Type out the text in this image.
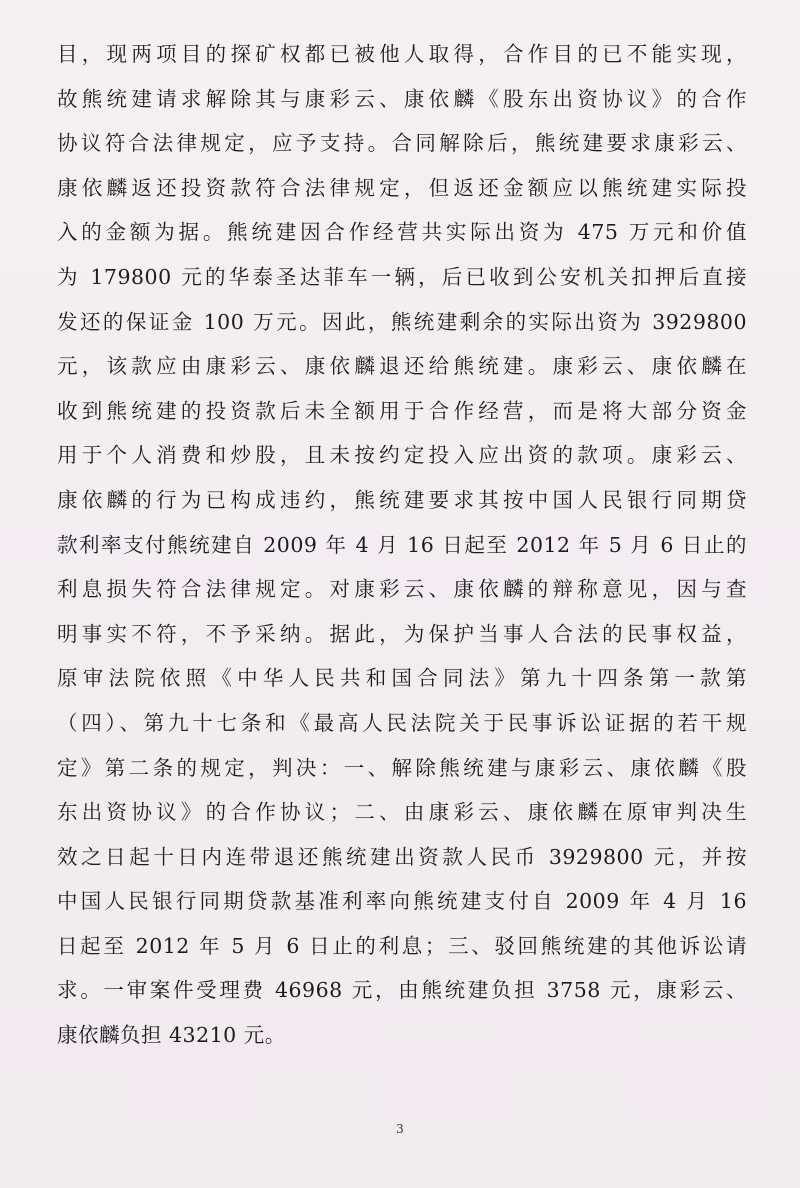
目，现两项目的探矿权都已被他人取得，合作目的已不能实现，
故熊统建请求解除其与康彩云、康依麟《股东出资协议》的合作
协议符合法律规定，应予支持。合同解除后，熊统建要求康彩云、
康依麟返还投资款符合法律规定，但返还金额应以熊统建实际投
入的金额为据。熊统建因合作经营共实际出资为 475 万元和价值
为 179800 元的华泰圣达菲车一辆，后已收到公安机关扣押后直接
发还的保证金 100 万元。因此，熊统建剩余的实际出资为 3929800
元，该款应由康彩云、康依麟退还给熊统建。康彩云、康依麟在
收到熊统建的投资款后未全额用于合作经营，而是将大部分资金
用于个人消费和炒股，且未按约定投入应出资的款项。康彩云、
康依麟的行为已构成违约，熊统建要求其按中国人民银行同期贷
款利率支付熊统建自 2009 年 4 月 16 日起至 2012 年 5 月 6 日止的
利息损失符合法律规定。对康彩云、康依麟的辩称意见，因与查
明事实不符，不予采纳。据此，为保护当事人合法的民事权益，
原审法院依照《中华人民共和国合同法》第九十四条第一款第
（四）、第九十七条和《最高人民法院关于民事诉讼证据的若干规
定》第二条的规定，判决：一、解除熊统建与康彩云、康依麟《股
东出资协议》的合作协议；二、由康彩云、康依麟在原审判决生
效之日起十日内连带退还熊统建出资款人民币 3929800 元，并按
中国人民银行同期贷款基准利率向熊统建支付自 2009 年 4 月 16
日起至 2012 年 5 月 6 日止的利息；三、驳回熊统建的其他诉讼请
求。一审案件受理费 46968 元，由熊统建负担 3758 元，康彩云、
康依麟负担 43210 元。
3
